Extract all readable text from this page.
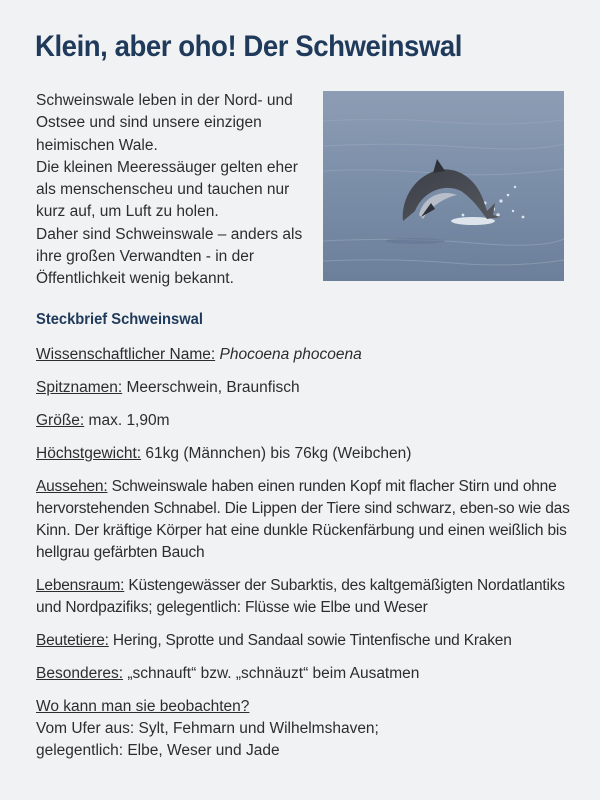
Klein, aber oho! Der Schweinswal

Schweinswale leben in der Nord- und Ostsee und sind unsere einzigen heimischen Wale.

Die kleinen Meeressäuger gelten eher als menschenscheu und tauchen nur kurz auf, um Luft zu holen.

Daher sind Schweinswale – anders als ihre großen Verwandten - in der Öffentlichkeit wenig bekannt.

Steckbrief Schweinswal

Wissenschaftlicher Name: Phocoena phocoena

Spitznamen: Meerschwein, Braunfisch

Größe: max. 1,90m

Höchstgewicht: 61kg (Männchen) bis 76kg (Weibchen)

Aussehen: Schweinswale haben einen runden Kopf mit flacher Stirn und ohne hervorstehenden Schnabel. Die Lippen der Tiere sind schwarz, eben-so wie das Kinn. Der kräftige Körper hat eine dunkle Rückenfärbung und einen weißlich bis hellgrau gefärbten Bauch

Lebensraum: Küstengewässer der Subarktis, des kaltgemäßigten Nordatlantiks und Nordpazifiks; gelegentlich: Flüsse wie Elbe und Weser

Beutetiere: Hering, Sprotte und Sandaal sowie Tintenfische und Kraken

Besonderes: „schnauft“ bzw. „schnäuzt“ beim Ausatmen

Wo kann man sie beobachten?
Vom Ufer aus: Sylt, Fehmarn und Wilhelmshaven;
gelegentlich: Elbe, Weser und Jade
